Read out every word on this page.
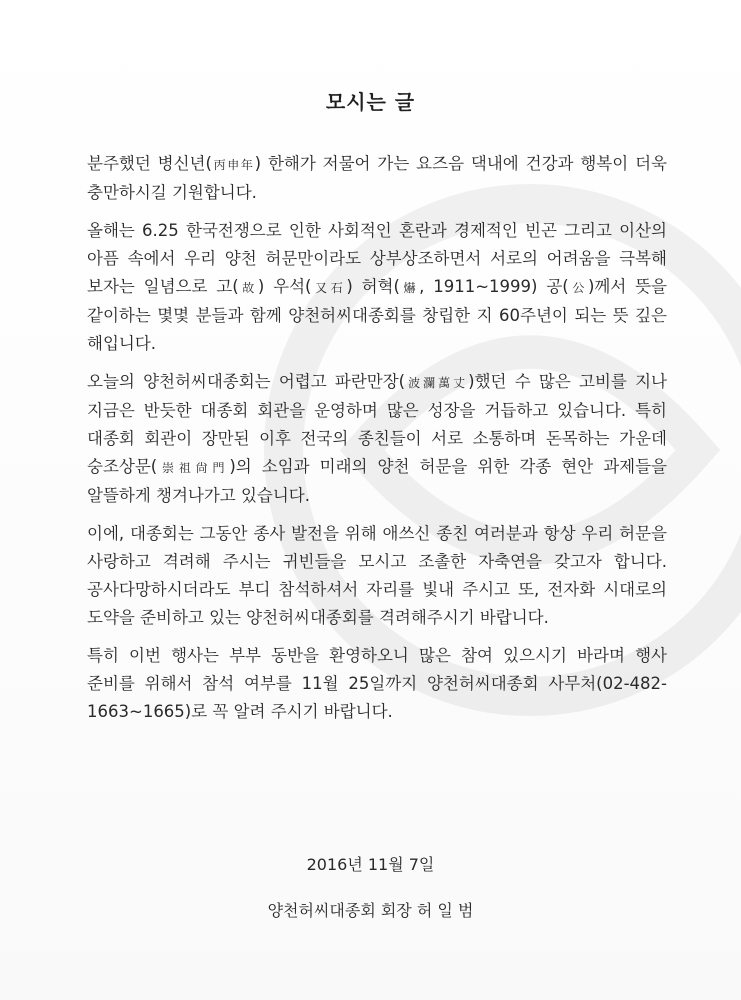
모시는 글

분주했던 병신년(丙申年) 한해가 저물어 가는 요즈음 댁내에 건강과 행복이 더욱 충만하시길 기원합니다.

올해는 6.25 한국전쟁으로 인한 사회적인 혼란과 경제적인 빈곤 그리고 이산의 아픔 속에서 우리 양천 허문만이라도 상부상조하면서 서로의 어려움을 극복해 보자는 일념으로 고(故) 우석(又石) 허혁(爀, 1911~1999) 공(公)께서 뜻을 같이하는 몇몇 분들과 함께 양천허씨대종회를 창립한 지 60주년이 되는 뜻 깊은 해입니다.

오늘의 양천허씨대종회는 어렵고 파란만장(波瀾萬丈)했던 수 많은 고비를 지나 지금은 반듯한 대종회 회관을 운영하며 많은 성장을 거듭하고 있습니다. 특히 대종회 회관이 장만된 이후 전국의 종친들이 서로 소통하며 돈목하는 가운데 숭조상문(崇祖尙門)의 소임과 미래의 양천 허문을 위한 각종 현안 과제들을 알뜰하게 챙겨나가고 있습니다.

이에, 대종회는 그동안 종사 발전을 위해 애쓰신 종친 여러분과 항상 우리 허문을 사랑하고 격려해 주시는 귀빈들을 모시고 조촐한 자축연을 갖고자 합니다. 공사다망하시더라도 부디 참석하셔서 자리를 빛내 주시고 또, 전자화 시대로의 도약을 준비하고 있는 양천허씨대종회를 격려해주시기 바랍니다.

특히 이번 행사는 부부 동반을 환영하오니 많은 참여 있으시기 바라며 행사 준비를 위해서 참석 여부를 11월 25일까지 양천허씨대종회 사무처(02-482-1663~1665)로 꼭 알려 주시기 바랍니다.

2016년 11월 7일
양천허씨대종회 회장 허 일 범
